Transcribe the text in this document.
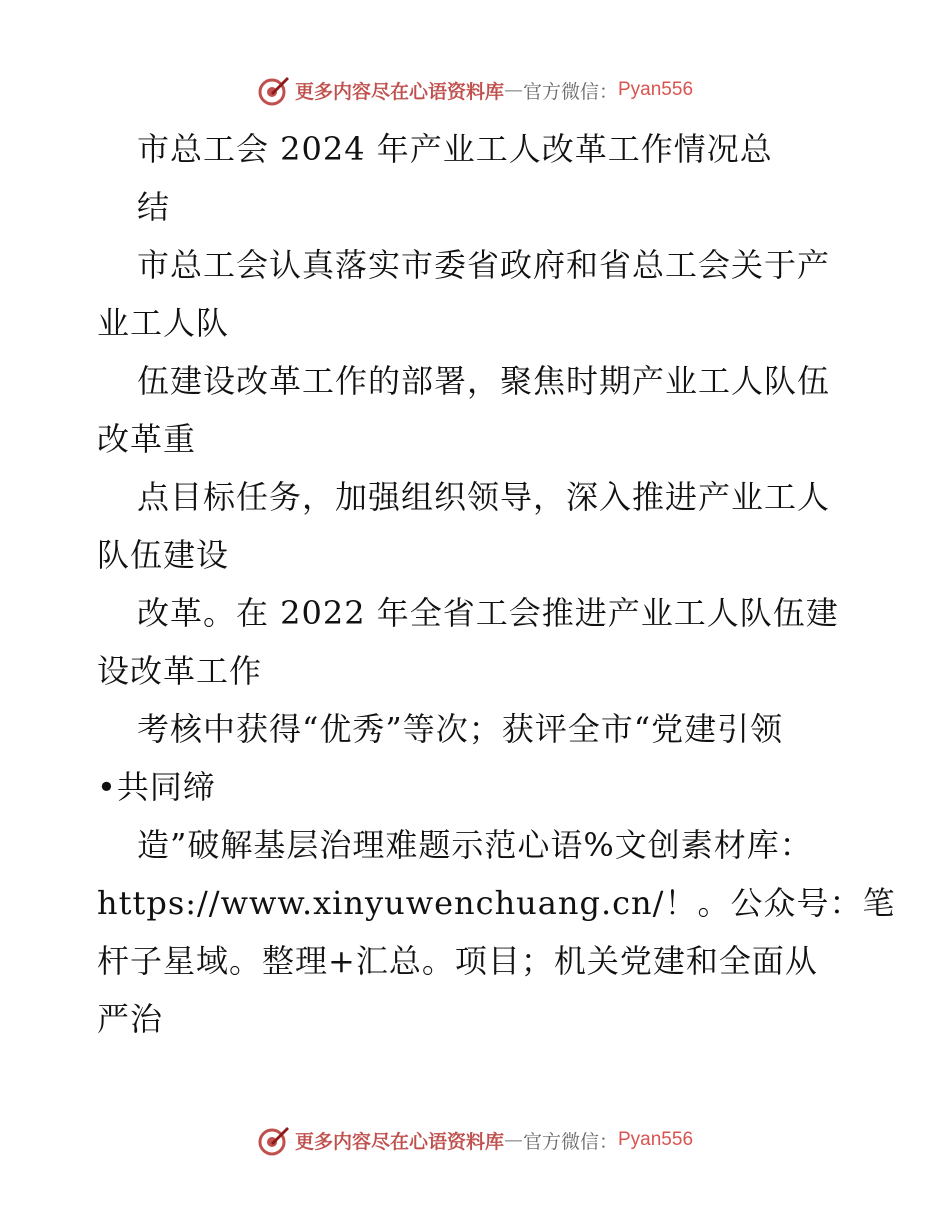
更多内容尽在心语资料库 — 官方微信： Pyan556
市总工会 2024 年产业工人改革工作情况总
结
市总工会认真落实市委省政府和省总工会关于产
业工人队
伍建设改革工作的部署，聚焦时期产业工人队伍
改革重
点目标任务，加强组织领导，深入推进产业工人
队伍建设
改革。在 2022 年全省工会推进产业工人队伍建
设改革工作
考核中获得“优秀”等次；获评全市“党建引领
•共同缔
造”破解基层治理难题示范心语%文创素材库：
https://www.xinyuwenchuang.cn/！。公众号：笔
杆子星域。整理+汇总。项目；机关党建和全面从
严治
更多内容尽在心语资料库 — 官方微信： Pyan556
